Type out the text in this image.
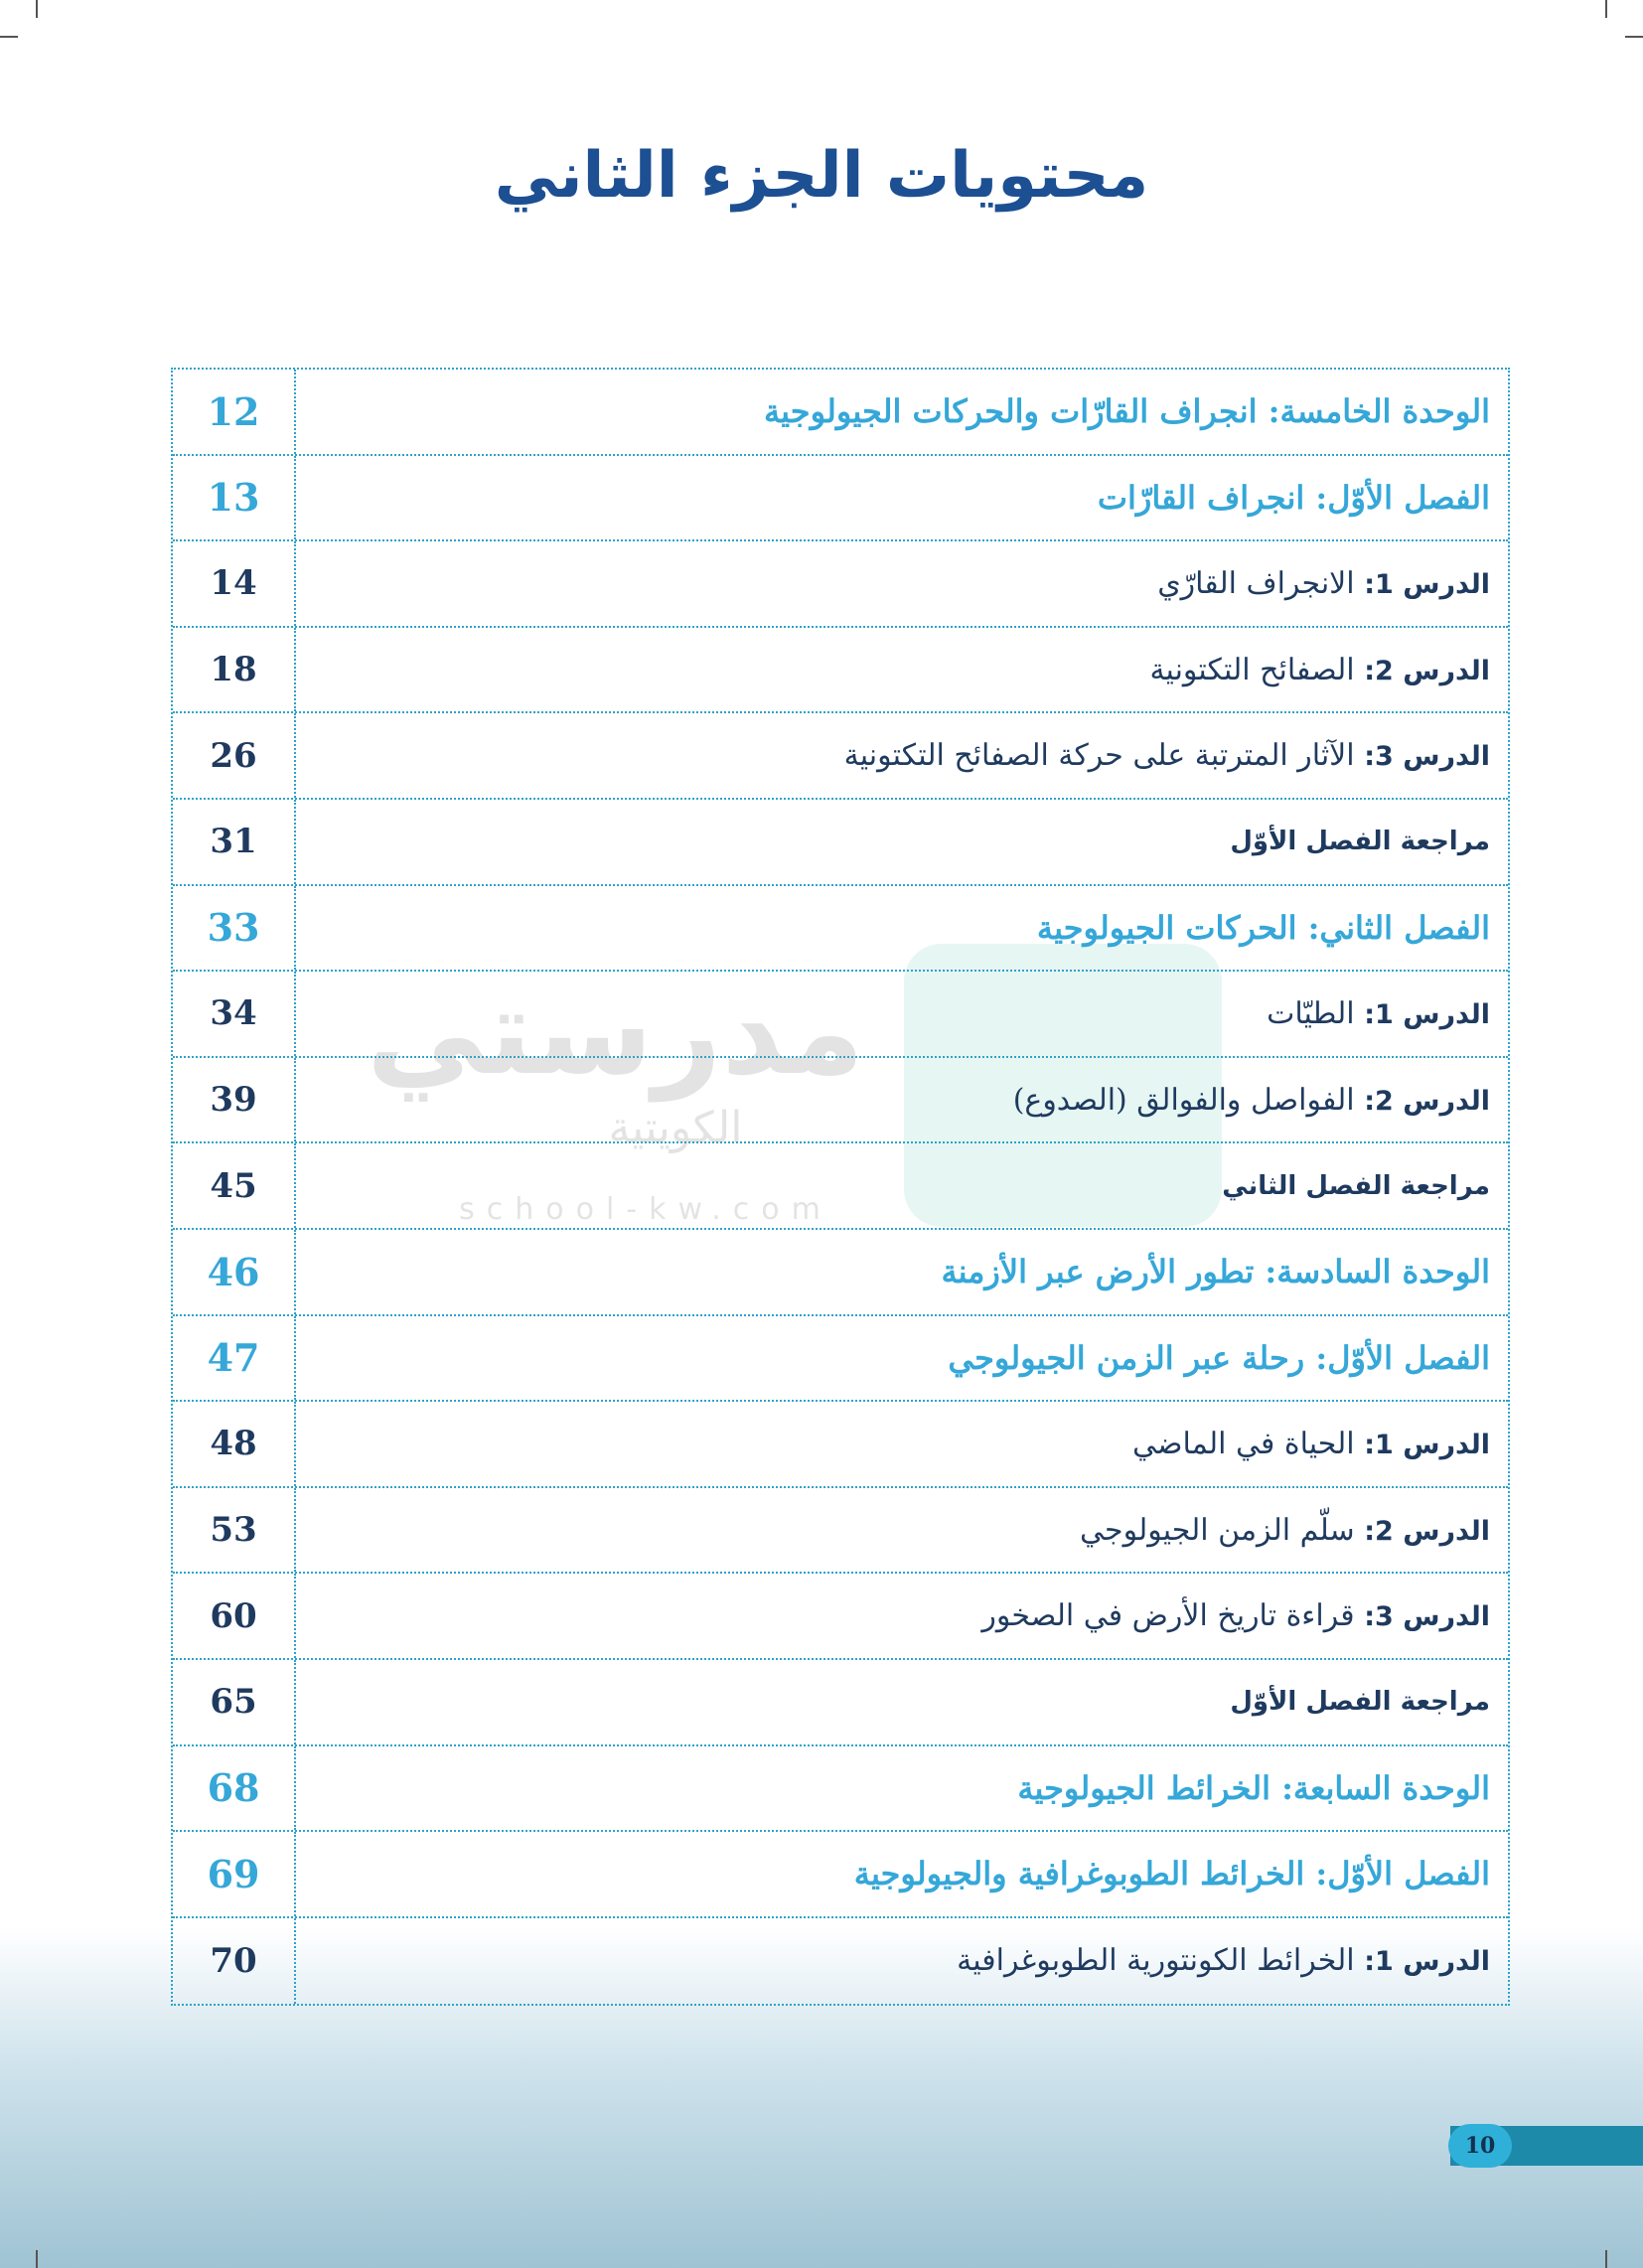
محتويات الجزء الثاني
مدرستي
الكويتية
school-kw.com
الوحدة الخامسة: انجراف القارّات والحركات الجيولوجية
12
الفصل الأوّل: انجراف القارّات
13
الدرس 1: الانجراف القارّي
14
الدرس 2: الصفائح التكتونية
18
الدرس 3: الآثار المترتبة على حركة الصفائح التكتونية
26
مراجعة الفصل الأوّل
31
الفصل الثاني: الحركات الجيولوجية
33
الدرس 1: الطيّات
34
الدرس 2: الفواصل والفوالق (الصدوع)
39
مراجعة الفصل الثاني
45
الوحدة السادسة: تطور الأرض عبر الأزمنة
46
الفصل الأوّل: رحلة عبر الزمن الجيولوجي
47
الدرس 1: الحياة في الماضي
48
الدرس 2: سلّم الزمن الجيولوجي
53
الدرس 3: قراءة تاريخ الأرض في الصخور
60
مراجعة الفصل الأوّل
65
الوحدة السابعة: الخرائط الجيولوجية
68
الفصل الأوّل: الخرائط الطوبوغرافية والجيولوجية
69
الدرس 1: الخرائط الكونتورية الطوبوغرافية
70
10
